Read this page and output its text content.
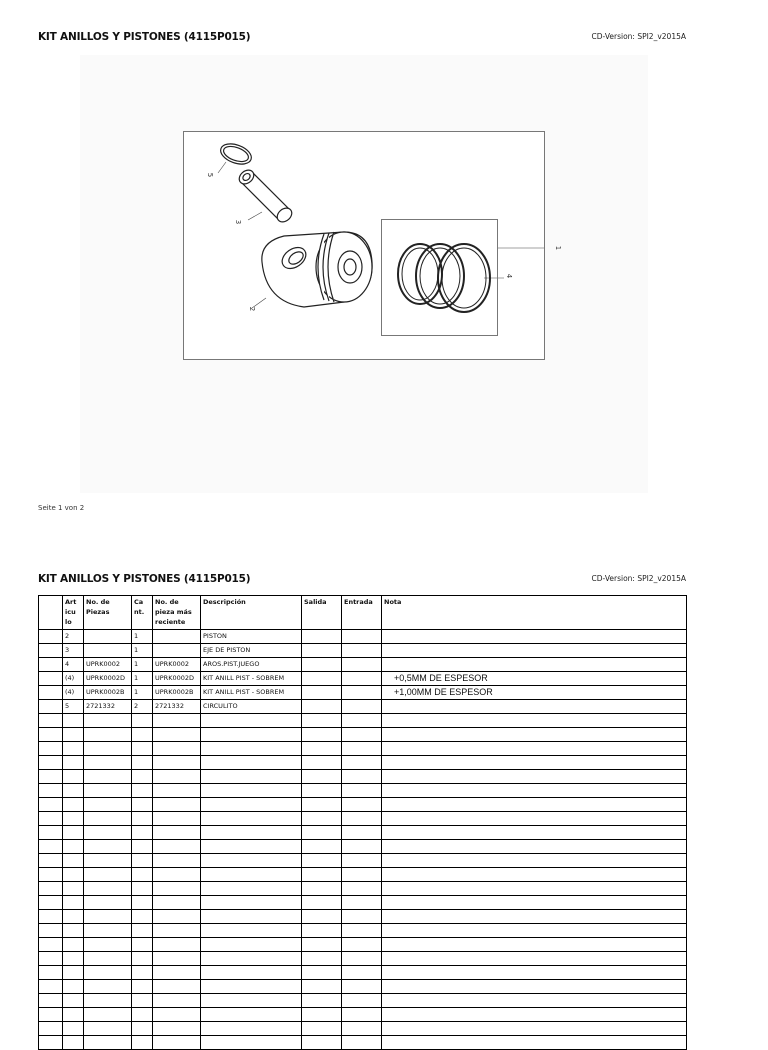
KIT ANILLOS Y PISTONES (4115P015)	CD-Version: SPI2_v2015A
5
3
2
4
1
Seite 1 von 2
KIT ANILLOS Y PISTONES (4115P015)	CD-Version: SPI2_v2015A
	Art icu lo	No. de Piezas	Ca nt.	No. de pieza más reciente	Descripción	Salida	Entrada	Nota
	2		1		PISTON			
	3		1		EJE DE PISTON			
	4	UPRK0002	1	UPRK0002	AROS.PIST.JUEGO			
	(4)	UPRK0002D	1	UPRK0002D	KIT ANILL PIST - SOBREM			+0,5MM DE ESPESOR
	(4)	UPRK0002B	1	UPRK0002B	KIT ANILL PIST - SOBREM			+1,00MM DE ESPESOR
	5	2721332	2	2721332	CIRCULITO			
